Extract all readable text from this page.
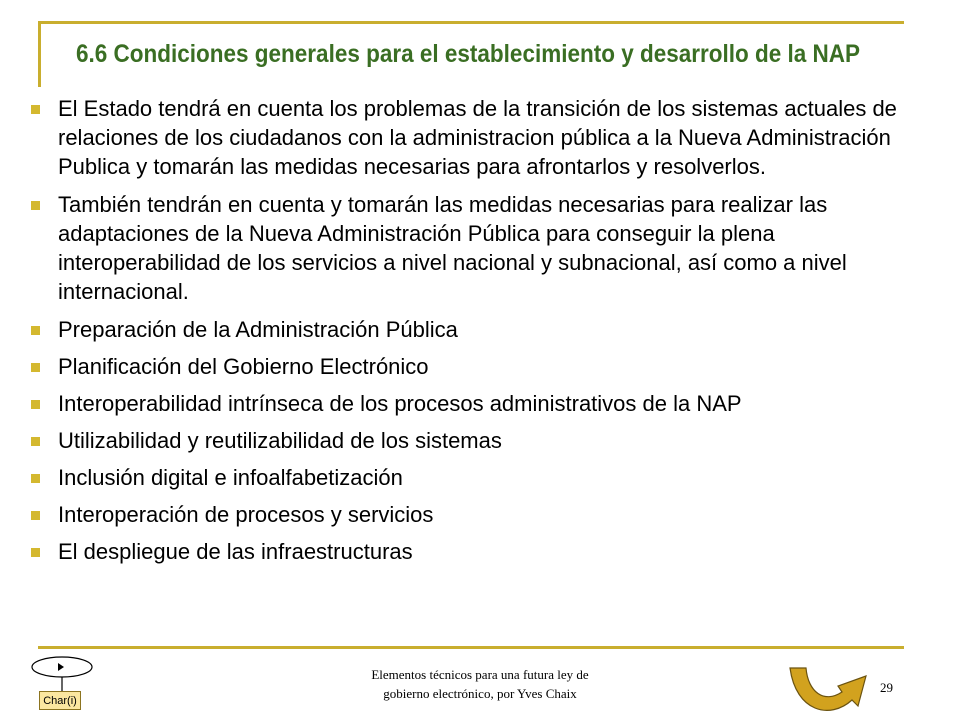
6.6 Condiciones generales para el establecimiento y desarrollo de la NAP
El Estado tendrá en cuenta los problemas de la transición de los sistemas actuales de relaciones de los ciudadanos con la administracion pública a la Nueva Administración Publica y tomarán las medidas necesarias para afrontarlos y resolverlos.
También tendrán en cuenta y tomarán las medidas necesarias para realizar las adaptaciones de la Nueva Administración Pública para conseguir la plena interoperabilidad de los servicios a nivel nacional y subnacional, así como a nivel internacional.
Preparación de la Administración Pública
Planificación del Gobierno Electrónico
Interoperabilidad intrínseca de los procesos administrativos de la NAP
Utilizabilidad y reutilizabilidad de los sistemas
Inclusión digital e infoalfabetización
Interoperación de procesos y servicios
El despliegue de las infraestructuras
Char(i)
Elementos técnicos para una futura ley de
gobierno electrónico, por Yves Chaix	29
